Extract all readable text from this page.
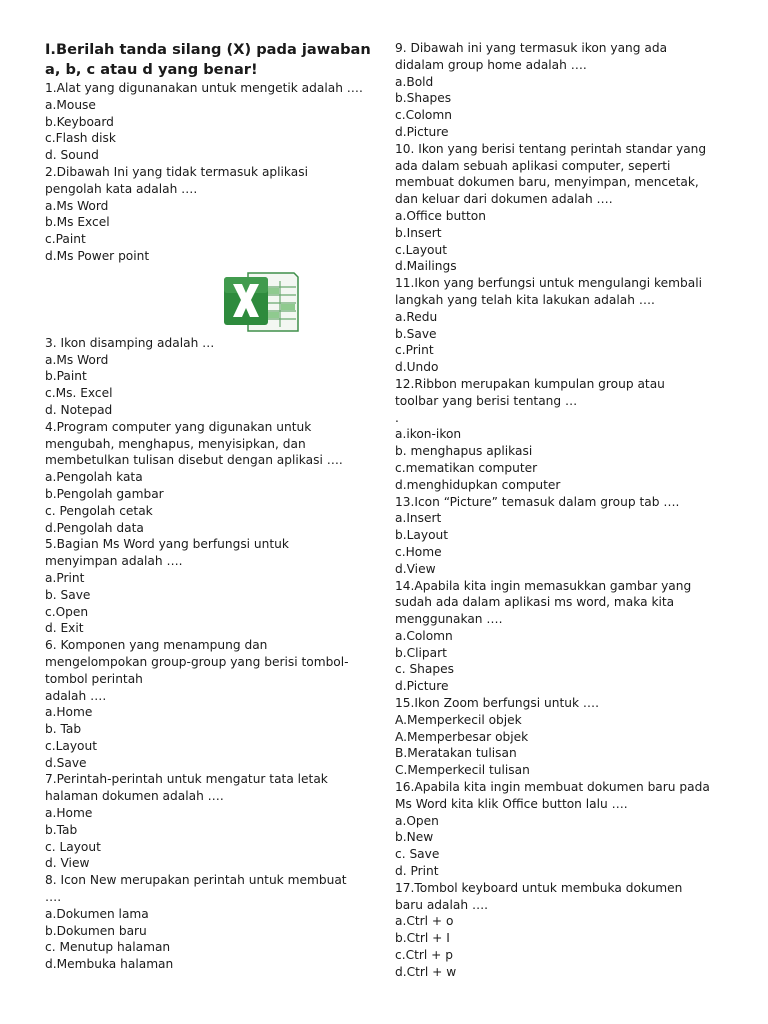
I.Berilah tanda silang (X) pada jawaban
a, b, c atau d yang benar!
1.Alat yang digunanakan untuk mengetik adalah ….
a.Mouse
b.Keyboard
c.Flash disk
d. Sound
2.Dibawah Ini yang tidak termasuk aplikasi
pengolah kata adalah ….
a.Ms Word
b.Ms Excel
c.Paint
d.Ms Power point
3. Ikon disamping adalah …
a.Ms Word
b.Paint
c.Ms. Excel
d. Notepad
4.Program computer yang digunakan untuk
mengubah, menghapus, menyisipkan, dan
membetulkan tulisan disebut dengan aplikasi ….
a.Pengolah kata
b.Pengolah gambar
c. Pengolah cetak
d.Pengolah data
5.Bagian Ms Word yang berfungsi untuk
menyimpan adalah ….
a.Print
b. Save
c.Open
d. Exit
6. Komponen yang menampung dan
mengelompokan group-group yang berisi tombol-
tombol perintah
adalah ….
a.Home
b. Tab
c.Layout
d.Save
7.Perintah-perintah untuk mengatur tata letak
halaman dokumen adalah ….
a.Home
b.Tab
c. Layout
d. View
8. Icon New merupakan perintah untuk membuat
….
a.Dokumen lama
b.Dokumen baru
c. Menutup halaman
d.Membuka halaman
9. Dibawah ini yang termasuk ikon yang ada
didalam group home adalah ….
a.Bold
b.Shapes
c.Colomn
d.Picture
10. Ikon yang berisi tentang perintah standar yang
ada dalam sebuah aplikasi computer, seperti
membuat dokumen baru, menyimpan, mencetak,
dan keluar dari dokumen adalah ….
a.Office button
b.Insert
c.Layout
d.Mailings
11.Ikon yang berfungsi untuk mengulangi kembali
langkah yang telah kita lakukan adalah ….
a.Redu
b.Save
c.Print
d.Undo
12.Ribbon merupakan kumpulan group atau
toolbar yang berisi tentang …
.
a.ikon-ikon
b. menghapus aplikasi
c.mematikan computer
d.menghidupkan computer
13.Icon “Picture” temasuk dalam group tab ….
a.Insert
b.Layout
c.Home
d.View
14.Apabila kita ingin memasukkan gambar yang
sudah ada dalam aplikasi ms word, maka kita
menggunakan ….
a.Colomn
b.Clipart
c. Shapes
d.Picture
15.Ikon Zoom berfungsi untuk ….
A.Memperkecil objek
A.Memperbesar objek
B.Meratakan tulisan
C.Memperkecil tulisan
16.Apabila kita ingin membuat dokumen baru pada
Ms Word kita klik Office button lalu ….
a.Open
b.New
c. Save
d. Print
17.Tombol keyboard untuk membuka dokumen
baru adalah ….
a.Ctrl + o
b.Ctrl + I
c.Ctrl + p
d.Ctrl + w
